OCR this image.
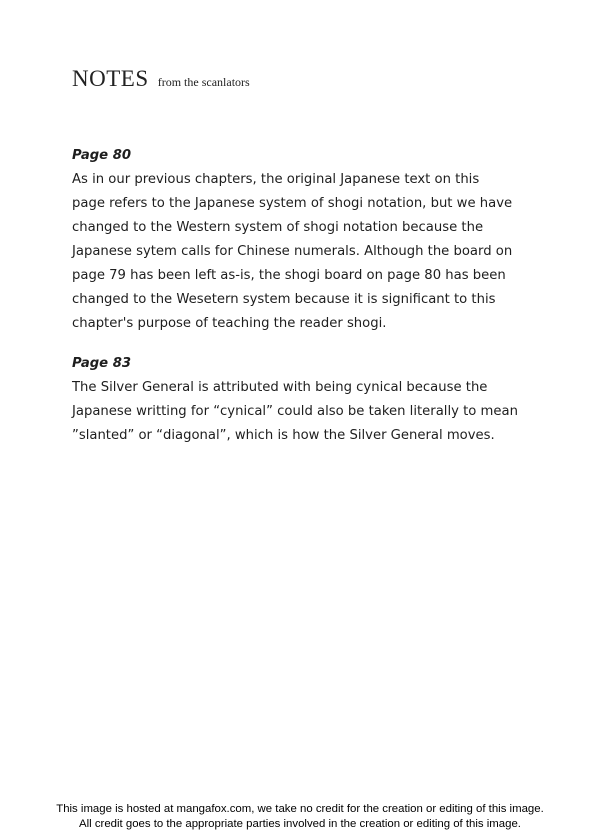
NOTES from the scanlators
Page 80
As in our previous chapters, the original Japanese text on this
page refers to the Japanese system of shogi notation, but we have
changed to the Western system of shogi notation because the
Japanese sytem calls for Chinese numerals. Although the board on
page 79 has been left as-is, the shogi board on page 80 has been
changed to the Wesetern system because it is significant to this
chapter's purpose of teaching the reader shogi.
Page 83
The Silver General is attributed with being cynical because the
Japanese writting for “cynical” could also be taken literally to mean
”slanted” or “diagonal”, which is how the Silver General moves.
This image is hosted at mangafox.com, we take no credit for the creation or editing of this image.
All credit goes to the appropriate parties involved in the creation or editing of this image.
